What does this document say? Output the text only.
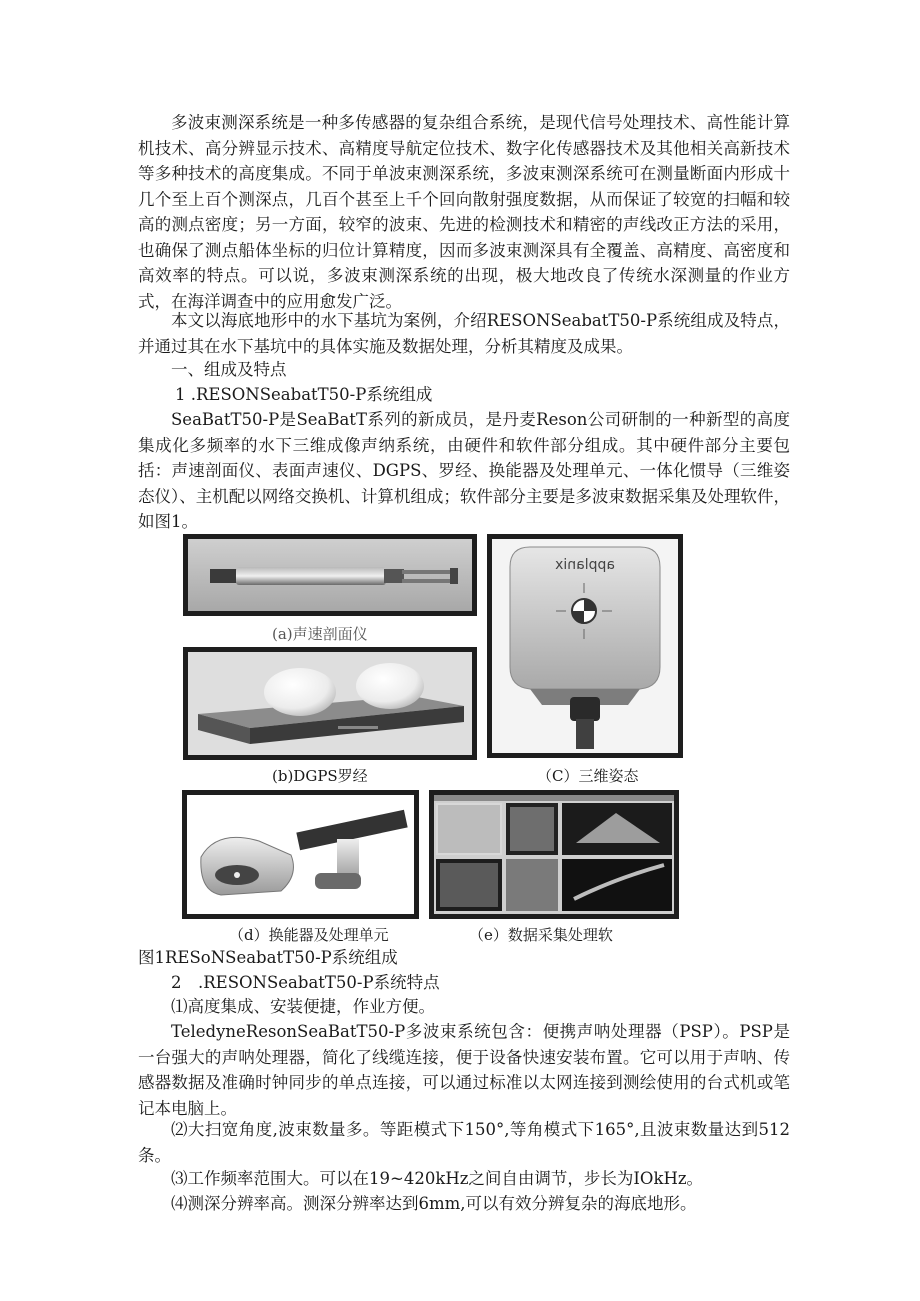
多波束测深系统是一种多传感器的复杂组合系统，是现代信号处理技术、高性能计算机技术、高分辨显示技术、高精度导航定位技术、数字化传感器技术及其他相关高新技术等多种技术的高度集成。不同于单波束测深系统，多波束测深系统可在测量断面内形成十几个至上百个测深点，几百个甚至上千个回向散射强度数据，从而保证了较宽的扫幅和较高的测点密度；另一方面，较窄的波束、先进的检测技术和精密的声线改正方法的采用，也确保了测点船体坐标的归位计算精度，因而多波束测深具有全覆盖、高精度、高密度和高效率的特点。可以说，多波束测深系统的出现，极大地改良了传统水深测量的作业方式，在海洋调查中的应用愈发广泛。

本文以海底地形中的水下基坑为案例，介绍RESONSeabatT50-P系统组成及特点，并通过其在水下基坑中的具体实施及数据处理，分析其精度及成果。

一、组成及特点

1 .RESONSeabatT50-P系统组成

SeaBatT50-P是SeaBatT系列的新成员，是丹麦Reson公司研制的一种新型的高度集成化多频率的水下三维成像声纳系统，由硬件和软件部分组成。其中硬件部分主要包括：声速剖面仪、表面声速仪、DGPS、罗经、换能器及处理单元、一体化惯导（三维姿态仪）、主机配以网络交换机、计算机组成；软件部分主要是多波束数据采集及处理软件，如图1。

(a)声速剖面仪
applanix
(b)DGPS罗经	（C）三维姿态
（d）换能器及处理单元	（e）数据采集处理软

图1RESoNSeabatT50-P系统组成

2　.RESONSeabatT50-P系统特点

⑴高度集成、安装便捷，作业方便。

TeledyneResonSeaBatT50-P多波束系统包含：便携声呐处理器（PSP）。PSP是一台强大的声呐处理器，简化了线缆连接，便于设备快速安装布置。它可以用于声呐、传感器数据及准确时钟同步的单点连接，可以通过标准以太网连接到测绘使用的台式机或笔记本电脑上。

⑵大扫宽角度,波束数量多。等距模式下150°,等角模式下165°,且波束数量达到512条。

⑶工作频率范围大。可以在19~420kHz之间自由调节，步长为IOkHz。

⑷测深分辨率高。测深分辨率达到6mm,可以有效分辨复杂的海底地形。
